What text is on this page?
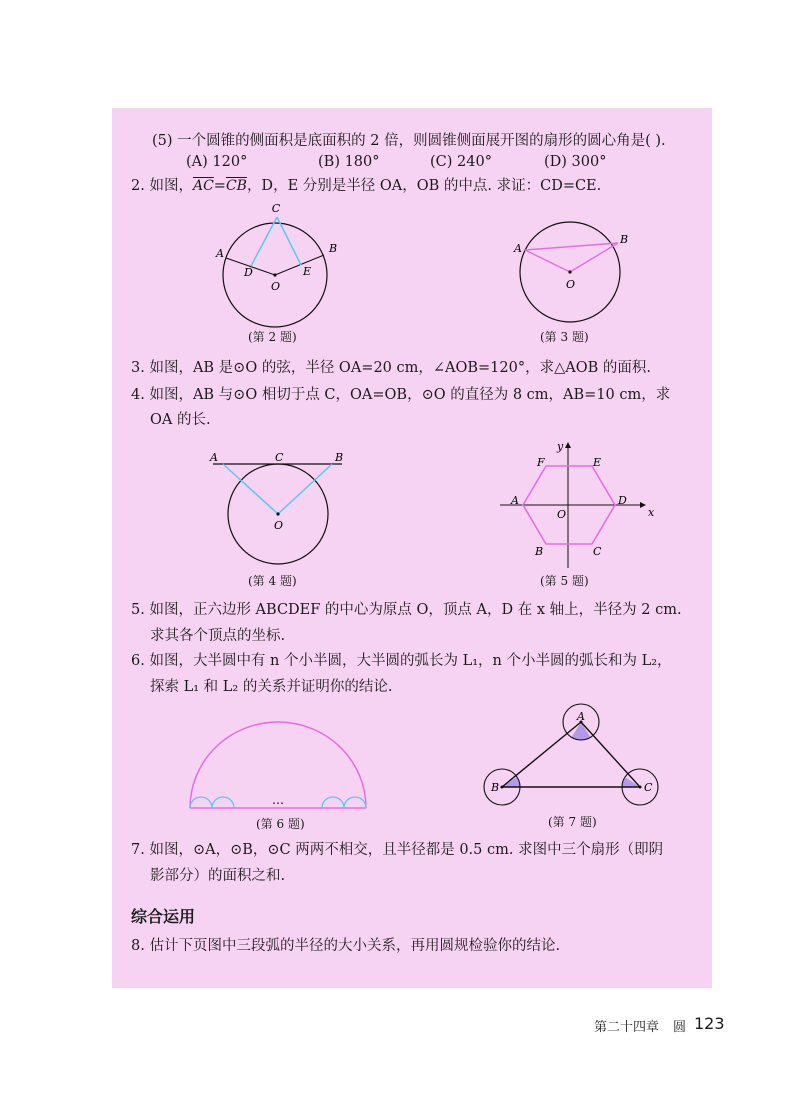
(5) 一个圆锥的侧面积是底面积的 2 倍，则圆锥侧面展开图的扇形的圆心角是( ).
(A) 120°	(B) 180°	(C) 240°	(D) 300°
2. 如图，$\overline{AC}=\overline{CB}$，D，E 分别是半径 OA，OB 的中点. 求证：CD=CE.
C
A	B
D	E
O
(第 2 题)
A
B
O
(第 3 题)
3. 如图，AB 是⊙O 的弦，半径 OA=20 cm，∠AOB=120°，求△AOB 的面积.
4. 如图，AB 与⊙O 相切于点 C，OA=OB，⊙O 的直径为 8 cm，AB=10 cm，求
OA 的长.
A	C	B
O
(第 4 题)
x
y
A	D
F	E
B	C
O
(第 5 题)
5. 如图，正六边形 ABCDEF 的中心为原点 O，顶点 A，D 在 x 轴上，半径为 2 cm.
求其各个顶点的坐标.
6. 如图，大半圆中有 n 个小半圆，大半圆的弧长为 L₁，n 个小半圆的弧长和为 L₂，
探索 L₁ 和 L₂ 的关系并证明你的结论.
…
(第 6 题)
A
B	C
(第 7 题)
7. 如图，⊙A，⊙B，⊙C 两两不相交，且半径都是 0.5 cm. 求图中三个扇形（即阴
影部分）的面积之和.
综合运用
8. 估计下页图中三段弧的半径的大小关系，再用圆规检验你的结论.
第二十四章 圆 123
